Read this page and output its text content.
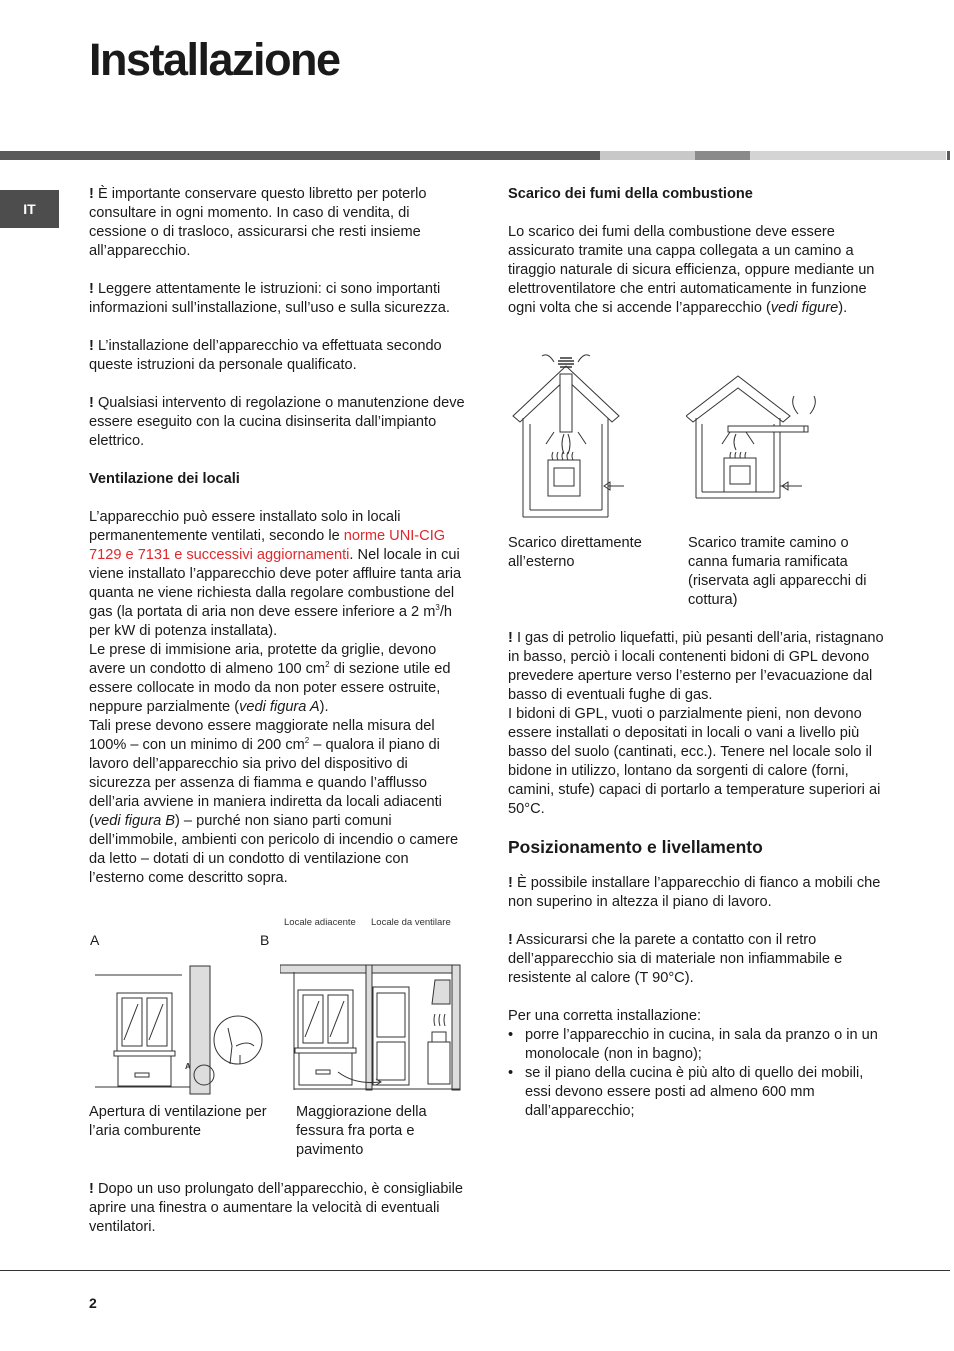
Installazione
IT

! È importante conservare questo libretto per poterlo consultare in ogni momento. In caso di vendita, di cessione o di trasloco, assicurarsi che resti insieme all’apparecchio.

! Leggere attentamente le istruzioni: ci sono importanti informazioni sull’installazione, sull’uso e sulla sicurezza.

! L’installazione dell’apparecchio va effettuata secondo queste istruzioni da personale qualificato.

! Qualsiasi intervento di regolazione o manutenzione deve essere eseguito con la cucina disinserita dall’impianto elettrico.

Ventilazione dei locali

L’apparecchio può essere installato solo in locali permanentemente ventilati, secondo le norme UNI-CIG 7129 e 7131 e successivi aggiornamenti. Nel locale in cui viene installato l’apparecchio deve poter affluire tanta aria quanta ne viene richiesta dalla regolare combustione del gas (la portata di aria non deve essere inferiore a 2 $m^3/h$ per kW di potenza installata).

Le prese di immisione aria, protette da griglie, devono avere un condotto di almeno 100 $cm^2$ di sezione utile ed essere collocate in modo da non poter essere ostruite, neppure parzialmente (vedi figura A).

Tali prese devono essere maggiorate nella misura del 100% – con un minimo di 200 $cm^2$ – qualora il piano di lavoro dell’apparecchio sia privo del dispositivo di sicurezza per assenza di fiamma e quando l’afflusso dell’aria avviene in maniera indiretta da locali adiacenti (vedi figura B) – purché non siano parti comuni dell’immobile, ambienti con pericolo di incendio o camere da letto – dotati di un condotto di ventilazione con l’esterno come descritto sopra.

Locale adiacente Locale da ventilare
A	B
A
Apertura di ventilazione per l’aria comburente
Maggiorazione della fessura fra porta e pavimento

! Dopo un uso prolungato dell’apparecchio, è consigliabile aprire una finestra o aumentare la velocità di eventuali ventilatori.

Scarico dei fumi della combustione

Lo scarico dei fumi della combustione deve essere assicurato tramite una cappa collegata a un camino a tiraggio naturale di sicura efficienza, oppure mediante un elettroventilatore che entri automaticamente in funzione ogni volta che si accende l’apparecchio (vedi figure).

Scarico direttamente all’esterno
Scarico tramite camino o canna fumaria ramificata (riservata agli apparecchi di cottura)

! I gas di petrolio liquefatti, più pesanti dell’aria, ristagnano in basso, perciò i locali contenenti bidoni di GPL devono prevedere aperture verso l’esterno per l’evacuazione dal basso di eventuali fughe di gas.

I bidoni di GPL, vuoti o parzialmente pieni, non devono essere installati o depositati in locali o vani a livello più basso del suolo (cantinati, ecc.). Tenere nel locale solo il bidone in utilizzo, lontano da sorgenti di calore (forni, camini, stufe) capaci di portarlo a temperature superiori ai 50°C.

Posizionamento e livellamento

! È possibile installare l’apparecchio di fianco a mobili che non superino in altezza il piano di lavoro.

! Assicurarsi che la parete a contatto con il retro dell’apparecchio sia di materiale non infiammabile e resistente al calore (T 90°C).

Per una corretta installazione:

• porre l’apparecchio in cucina, in sala da pranzo o in un monolocale (non in bagno);
• se il piano della cucina è più alto di quello dei mobili, essi devono essere posti ad almeno 600 mm dall’apparecchio;
2
